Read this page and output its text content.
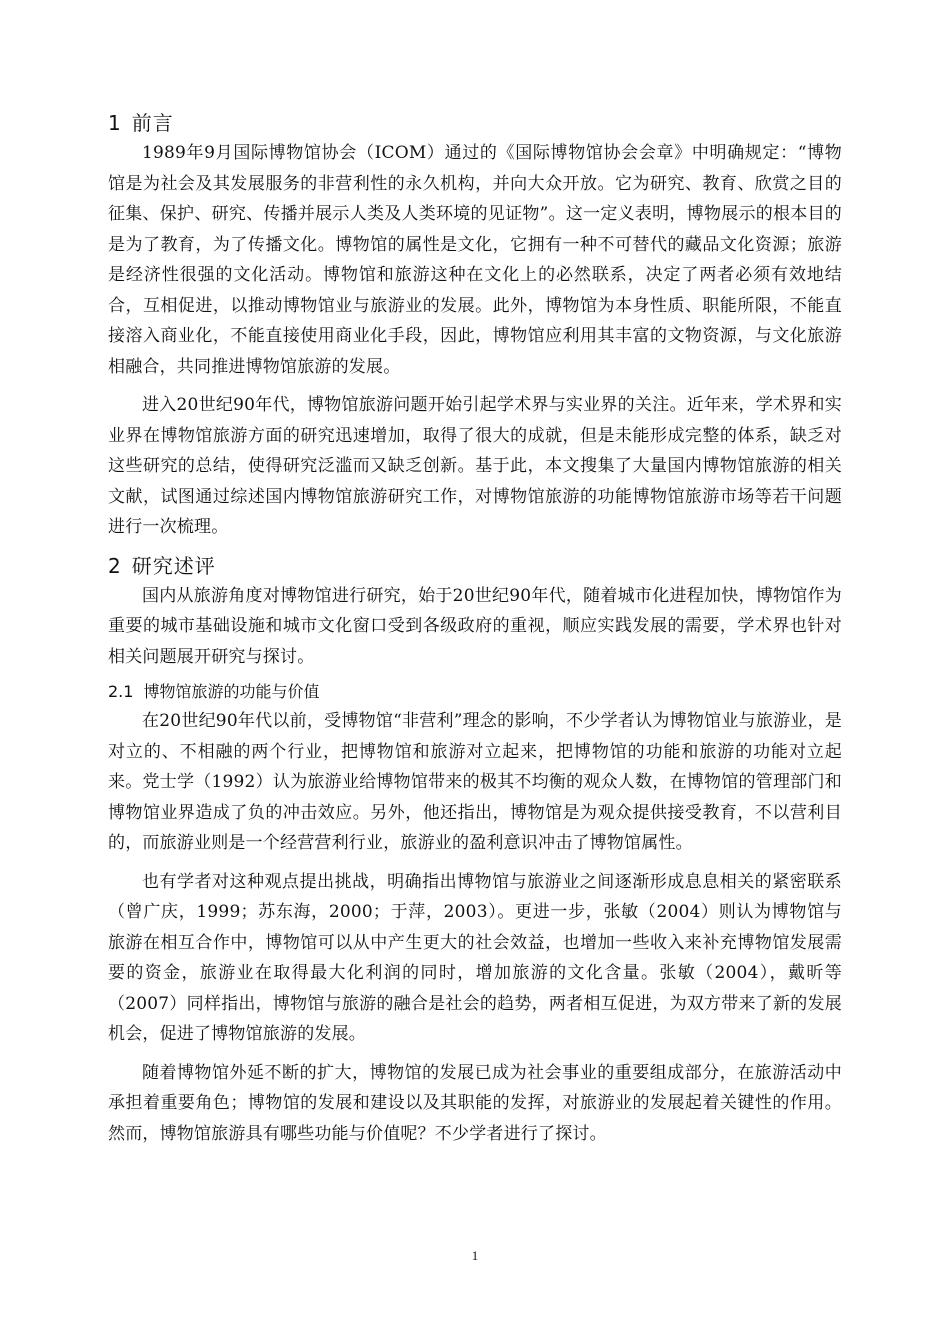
1 前言

1989年9月国际博物馆协会（ICOM）通过的《国际博物馆协会会章》中明确规定：“博物馆是为社会及其发展服务的非营利性的永久机构，并向大众开放。它为研究、教育、欣赏之目的征集、保护、研究、传播并展示人类及人类环境的见证物”。这一定义表明，博物展示的根本目的是为了教育，为了传播文化。博物馆的属性是文化，它拥有一种不可替代的藏品文化资源；旅游是经济性很强的文化活动。博物馆和旅游这种在文化上的必然联系，决定了两者必须有效地结合，互相促进，以推动博物馆业与旅游业的发展。此外，博物馆为本身性质、职能所限，不能直接溶入商业化，不能直接使用商业化手段，因此，博物馆应利用其丰富的文物资源，与文化旅游相融合，共同推进博物馆旅游的发展。

进入20世纪90年代，博物馆旅游问题开始引起学术界与实业界的关注。近年来，学术界和实业界在博物馆旅游方面的研究迅速增加，取得了很大的成就，但是未能形成完整的体系，缺乏对这些研究的总结，使得研究泛滥而又缺乏创新。基于此，本文搜集了大量国内博物馆旅游的相关文献，试图通过综述国内博物馆旅游研究工作，对博物馆旅游的功能博物馆旅游市场等若干问题进行一次梳理。

2 研究述评

国内从旅游角度对博物馆进行研究，始于20世纪90年代，随着城市化进程加快，博物馆作为重要的城市基础设施和城市文化窗口受到各级政府的重视，顺应实践发展的需要，学术界也针对相关问题展开研究与探讨。

2.1 博物馆旅游的功能与价值

在20世纪90年代以前，受博物馆“非营利”理念的影响，不少学者认为博物馆业与旅游业，是对立的、不相融的两个行业，把博物馆和旅游对立起来，把博物馆的功能和旅游的功能对立起来。党士学（1992）认为旅游业给博物馆带来的极其不均衡的观众人数，在博物馆的管理部门和博物馆业界造成了负的冲击效应。另外，他还指出，博物馆是为观众提供接受教育，不以营利目的，而旅游业则是一个经营营利行业，旅游业的盈利意识冲击了博物馆属性。

也有学者对这种观点提出挑战，明确指出博物馆与旅游业之间逐渐形成息息相关的紧密联系（曾广庆，1999；苏东海，2000；于萍，2003）。更进一步，张敏（2004）则认为博物馆与旅游在相互合作中，博物馆可以从中产生更大的社会效益，也增加一些收入来补充博物馆发展需要的资金，旅游业在取得最大化利润的同时，增加旅游的文化含量。张敏（2004），戴昕等（2007）同样指出，博物馆与旅游的融合是社会的趋势，两者相互促进，为双方带来了新的发展机会，促进了博物馆旅游的发展。

随着博物馆外延不断的扩大，博物馆的发展已成为社会事业的重要组成部分，在旅游活动中承担着重要角色；博物馆的发展和建设以及其职能的发挥，对旅游业的发展起着关键性的作用。然而，博物馆旅游具有哪些功能与价值呢？不少学者进行了探讨。

1
